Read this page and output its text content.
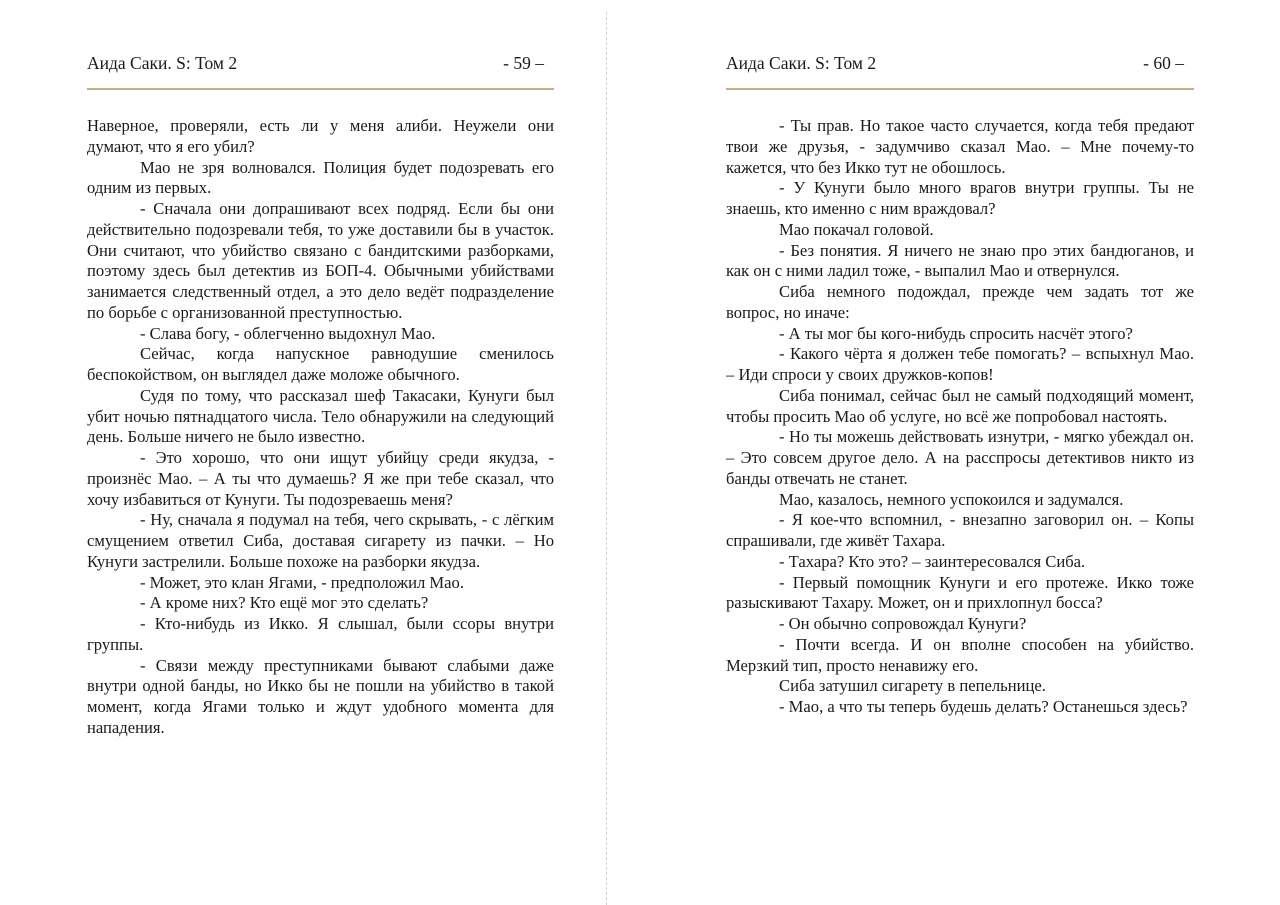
Аида Саки. S: Том 2	- 59 –

Наверное, проверяли, есть ли у меня алиби. Неужели они думают, что я его убил?

Мао не зря волновался. Полиция будет подозревать его одним из первых.

- Сначала они допрашивают всех подряд. Если бы они действительно подозревали тебя, то уже доставили бы в участок. Они считают, что убийство связано с бандитскими разборками, поэтому здесь был детектив из БОП-4. Обычными убийствами занимается следственный отдел, а это дело ведёт подразделение по борьбе с организованной преступностью.

- Слава богу, - облегченно выдохнул Мао.

Сейчас, когда напускное равнодушие сменилось беспокойством, он выглядел даже моложе обычного.

Судя по тому, что рассказал шеф Такасаки, Кунуги был убит ночью пятнадцатого числа. Тело обнаружили на следующий день. Больше ничего не было известно.

- Это хорошо, что они ищут убийцу среди якудза, - произнёс Мао. – А ты что думаешь? Я же при тебе сказал, что хочу избавиться от Кунуги. Ты подозреваешь меня?

- Ну, сначала я подумал на тебя, чего скрывать, - с лёгким смущением ответил Сиба, доставая сигарету из пачки. – Но Кунуги застрелили. Больше похоже на разборки якудза.

- Может, это клан Ягами, - предположил Мао.

- А кроме них? Кто ещё мог это сделать?

- Кто-нибудь из Икко. Я слышал, были ссоры внутри группы.

- Связи между преступниками бывают слабыми даже внутри одной банды, но Икко бы не пошли на убийство в такой момент, когда Ягами только и ждут удобного момента для нападения.

Аида Саки. S: Том 2	- 60 –

- Ты прав. Но такое часто случается, когда тебя предают твои же друзья, - задумчиво сказал Мао. – Мне почему-то кажется, что без Икко тут не обошлось.

- У Кунуги было много врагов внутри группы. Ты не знаешь, кто именно с ним враждовал?

Мао покачал головой.

- Без понятия. Я ничего не знаю про этих бандюганов, и как он с ними ладил тоже, - выпалил Мао и отвернулся.

Сиба немного подождал, прежде чем задать тот же вопрос, но иначе:

- А ты мог бы кого-нибудь спросить насчёт этого?

- Какого чёрта я должен тебе помогать? – вспыхнул Мао. – Иди спроси у своих дружков-копов!

Сиба понимал, сейчас был не самый подходящий момент, чтобы просить Мао об услуге, но всё же попробовал настоять.

- Но ты можешь действовать изнутри, - мягко убеждал он. – Это совсем другое дело. А на расспросы детективов никто из банды отвечать не станет.

Мао, казалось, немного успокоился и задумался.

- Я кое-что вспомнил, - внезапно заговорил он. – Копы спрашивали, где живёт Тахара.

- Тахара? Кто это? – заинтересовался Сиба.

- Первый помощник Кунуги и его протеже. Икко тоже разыскивают Тахару. Может, он и прихлопнул босса?

- Он обычно сопровождал Кунуги?

- Почти всегда. И он вполне способен на убийство. Мерзкий тип, просто ненавижу его.

Сиба затушил сигарету в пепельнице.

- Мао, а что ты теперь будешь делать? Останешься здесь?
